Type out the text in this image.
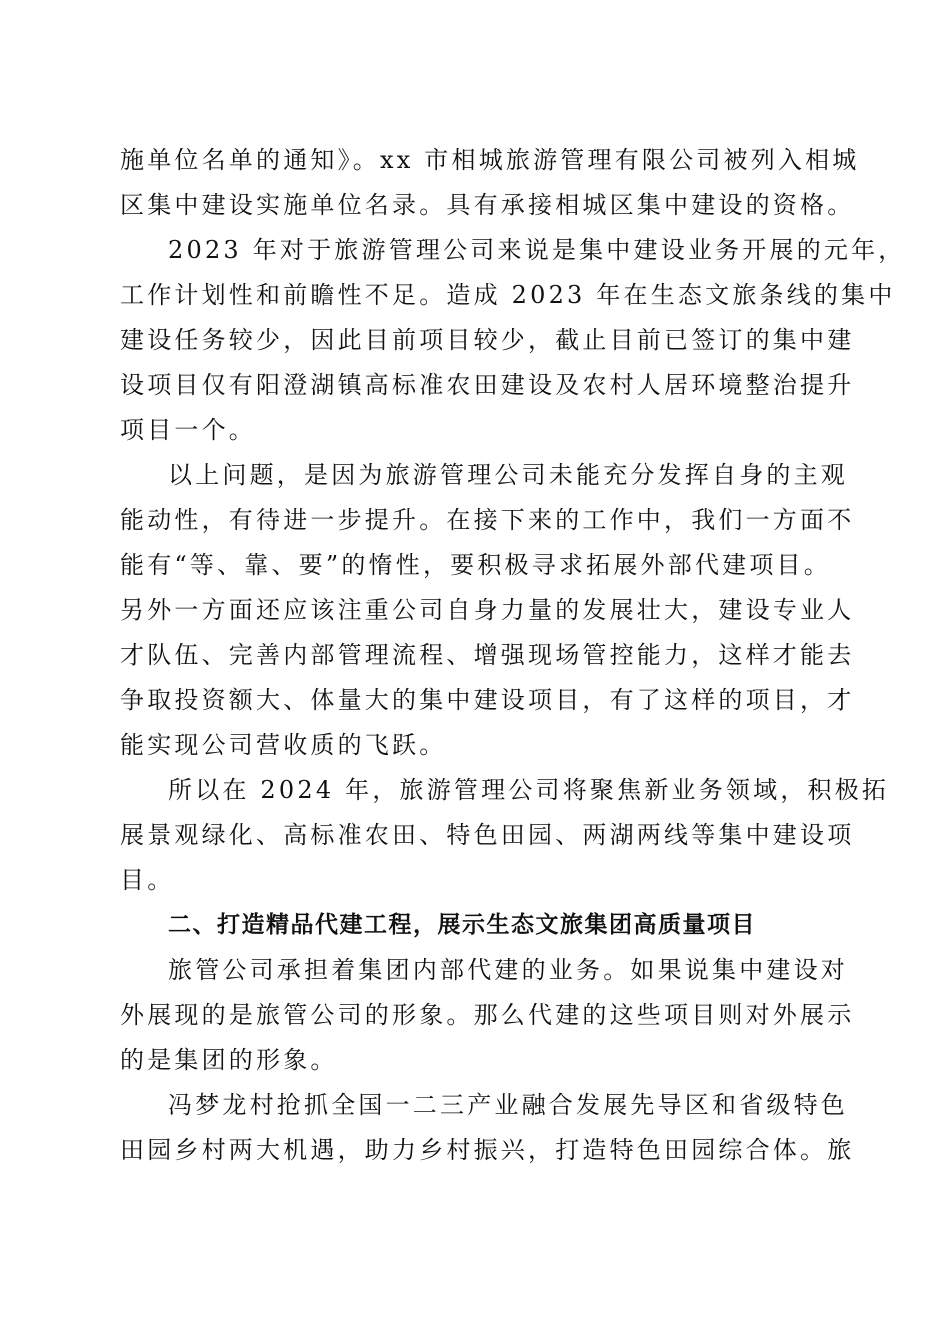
施单位名单的通知》。xx 市相城旅游管理有限公司被列入相城
区集中建设实施单位名录。具有承接相城区集中建设的资格。
2023 年对于旅游管理公司来说是集中建设业务开展的元年，
工作计划性和前瞻性不足。造成 2023 年在生态文旅条线的集中
建设任务较少，因此目前项目较少，截止目前已签订的集中建
设项目仅有阳澄湖镇高标准农田建设及农村人居环境整治提升
项目一个。
以上问题，是因为旅游管理公司未能充分发挥自身的主观
能动性，有待进一步提升。在接下来的工作中，我们一方面不
能有“等、靠、要”的惰性，要积极寻求拓展外部代建项目。
另外一方面还应该注重公司自身力量的发展壮大，建设专业人
才队伍、完善内部管理流程、增强现场管控能力，这样才能去
争取投资额大、体量大的集中建设项目，有了这样的项目，才
能实现公司营收质的飞跃。
所以在 2024 年，旅游管理公司将聚焦新业务领域，积极拓
展景观绿化、高标准农田、特色田园、两湖两线等集中建设项
目。
二、打造精品代建工程，展示生态文旅集团高质量项目
旅管公司承担着集团内部代建的业务。如果说集中建设对
外展现的是旅管公司的形象。那么代建的这些项目则对外展示
的是集团的形象。
冯梦龙村抢抓全国一二三产业融合发展先导区和省级特色
田园乡村两大机遇，助力乡村振兴，打造特色田园综合体。旅
